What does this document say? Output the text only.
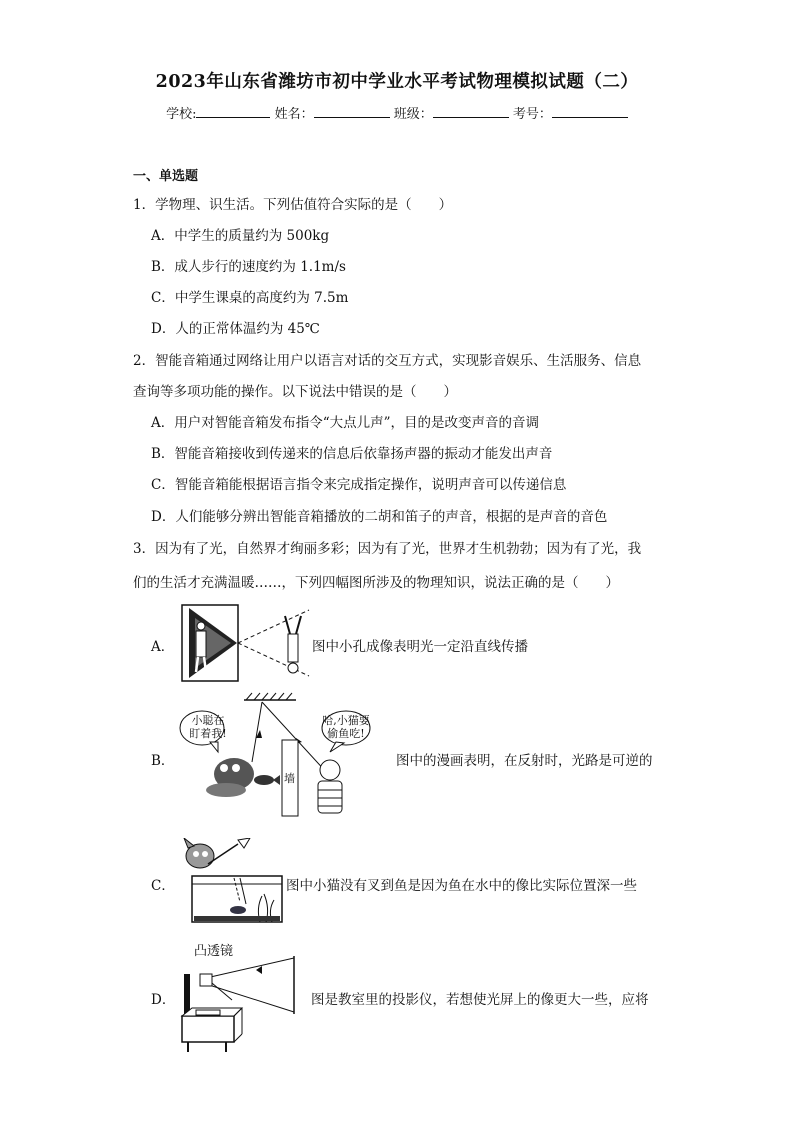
2023年山东省潍坊市初中学业水平考试物理模拟试题（二）
学校:	姓名：	班级：	考号：
一、单选题
1．学物理、识生活。下列估值符合实际的是（　　）
A．中学生的质量约为 500kg
B．成人步行的速度约为 1.1m/s
C．中学生课桌的高度约为 7.5m
D．人的正常体温约为 45℃
2．智能音箱通过网络让用户以语言对话的交互方式，实现影音娱乐、生活服务、信息
查询等多项功能的操作。以下说法中错误的是（　　）
A．用户对智能音箱发布指令“大点儿声”，目的是改变声音的音调
B．智能音箱接收到传递来的信息后依靠扬声器的振动才能发出声音
C．智能音箱能根据语言指令来完成指定操作，说明声音可以传递信息
D．人们能够分辨出智能音箱播放的二胡和笛子的声音，根据的是声音的音色
3．因为有了光，自然界才绚丽多彩；因为有了光，世界才生机勃勃；因为有了光，我
们的生活才充满温暖……，下列四幅图所涉及的物理知识，说法正确的是（　　）
A．	图中小孔成像表明光一定沿直线传播
B．
小聪在
盯着我!
哈,小猫要
偷鱼吃!
墙
图中的漫画表明，在反射时，光路是可逆的
C．	图中小猫没有叉到鱼是因为鱼在水中的像比实际位置深一些
凸透镜
D．	图是教室里的投影仪，若想使光屏上的像更大一些，应将
